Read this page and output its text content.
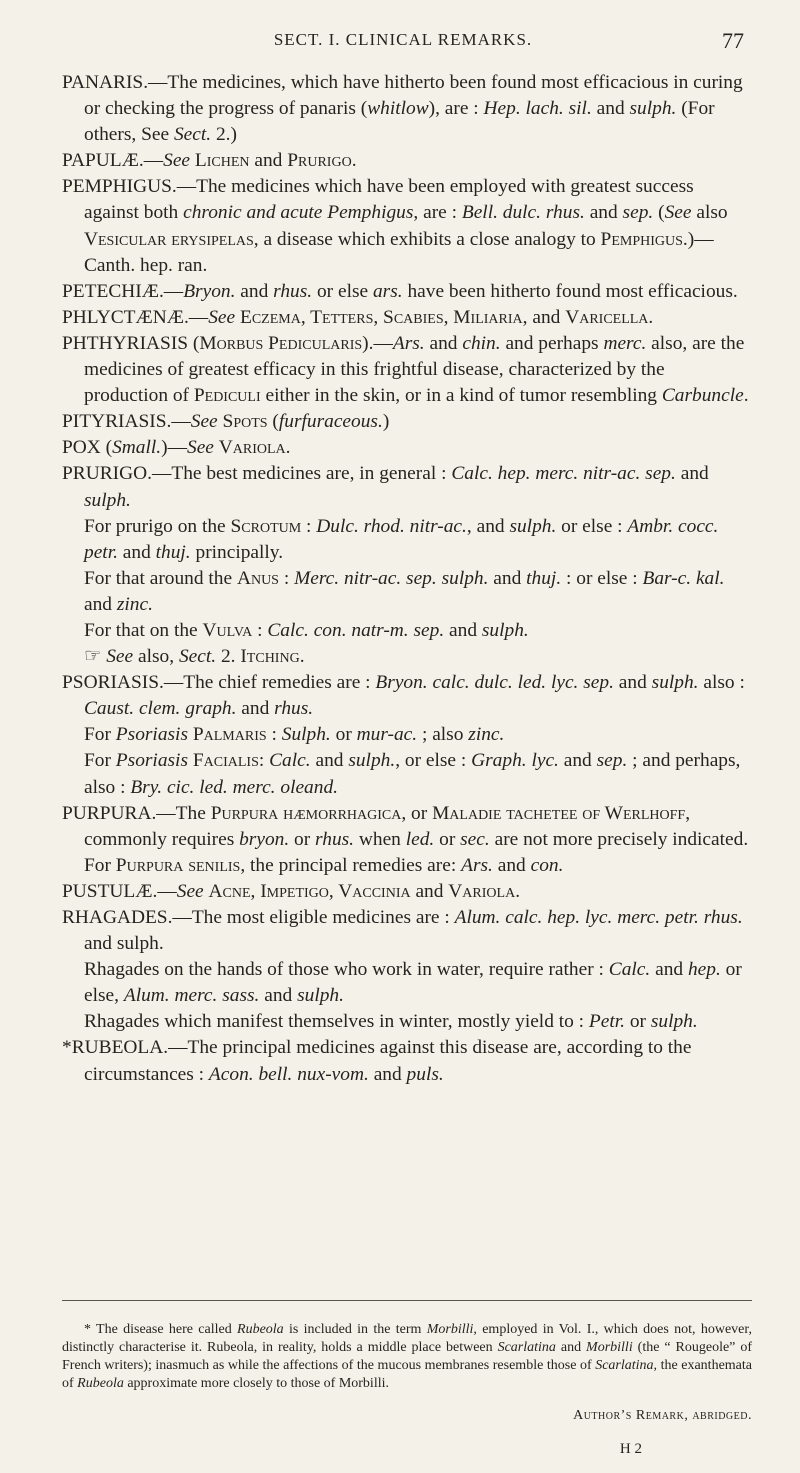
SECT. I. CLINICAL REMARKS.	77

PANARIS.—The medicines, which have hitherto been found most efficacious in curing or checking the progress of panaris (whitlow), are : Hep. lach. sil. and sulph. (For others, See Sect. 2.)

PAPULÆ.—See Lichen and Prurigo.

PEMPHIGUS.—The medicines which have been employed with greatest success against both chronic and acute Pemphigus, are : Bell. dulc. rhus. and sep. (See also Vesicular erysipelas, a disease which exhibits a close analogy to Pemphigus.)— Canth. hep. ran.

PETECHIÆ.—Bryon. and rhus. or else ars. have been hitherto found most efficacious.

PHLYCTÆNÆ.—See Eczema, Tetters, Scabies, Miliaria, and Varicella.

PHTHYRIASIS (Morbus Pedicularis).—Ars. and chin. and perhaps merc. also, are the medicines of greatest efficacy in this frightful disease, characterized by the production of Pediculi either in the skin, or in a kind of tumor resembling Carbuncle.

PITYRIASIS.—See Spots (furfuraceous.)

POX (Small.)—See Variola.

PRURIGO.—The best medicines are, in general : Calc. hep. merc. nitr-ac. sep. and sulph.

For prurigo on the Scrotum : Dulc. rhod. nitr-ac., and sulph. or else : Ambr. cocc. petr. and thuj. principally.

For that around the Anus : Merc. nitr-ac. sep. sulph. and thuj. : or else : Bar-c. kal. and zinc.

For that on the Vulva : Calc. con. natr-m. sep. and sulph.

☞ See also, Sect. 2. Itching.

PSORIASIS.—The chief remedies are : Bryon. calc. dulc. led. lyc. sep. and sulph. also : Caust. clem. graph. and rhus.

For Psoriasis Palmaris : Sulph. or mur-ac. ; also zinc.

For Psoriasis Facialis: Calc. and sulph., or else : Graph. lyc. and sep. ; and perhaps, also : Bry. cic. led. merc. oleand.

PURPURA.—The Purpura hæmorrhagica, or Maladie tachetee of Werlhoff, commonly requires bryon. or rhus. when led. or sec. are not more precisely indicated.

For Purpura senilis, the principal remedies are: Ars. and con.

PUSTULÆ.—See Acne, Impetigo, Vaccinia and Variola.

RHAGADES.—The most eligible medicines are : Alum. calc. hep. lyc. merc. petr. rhus. and sulph.

Rhagades on the hands of those who work in water, require rather : Calc. and hep. or else, Alum. merc. sass. and sulph.

Rhagades which manifest themselves in winter, mostly yield to : Petr. or sulph.

*RUBEOLA.—The principal medicines against this disease are, according to the circumstances : Acon. bell. nux-vom. and puls.

* The disease here called Rubeola is included in the term Morbilli, employed in Vol. I., which does not, however, distinctly characterise it. Rubeola, in reality, holds a middle place between Scarlatina and Morbilli (the “ Rougeole” of French writers); inasmuch as while the affections of the mucous membranes resemble those of Scarlatina, the exanthemata of Rubeola approximate more closely to those of Morbilli.

Author’s Remark, abridged.

H 2
